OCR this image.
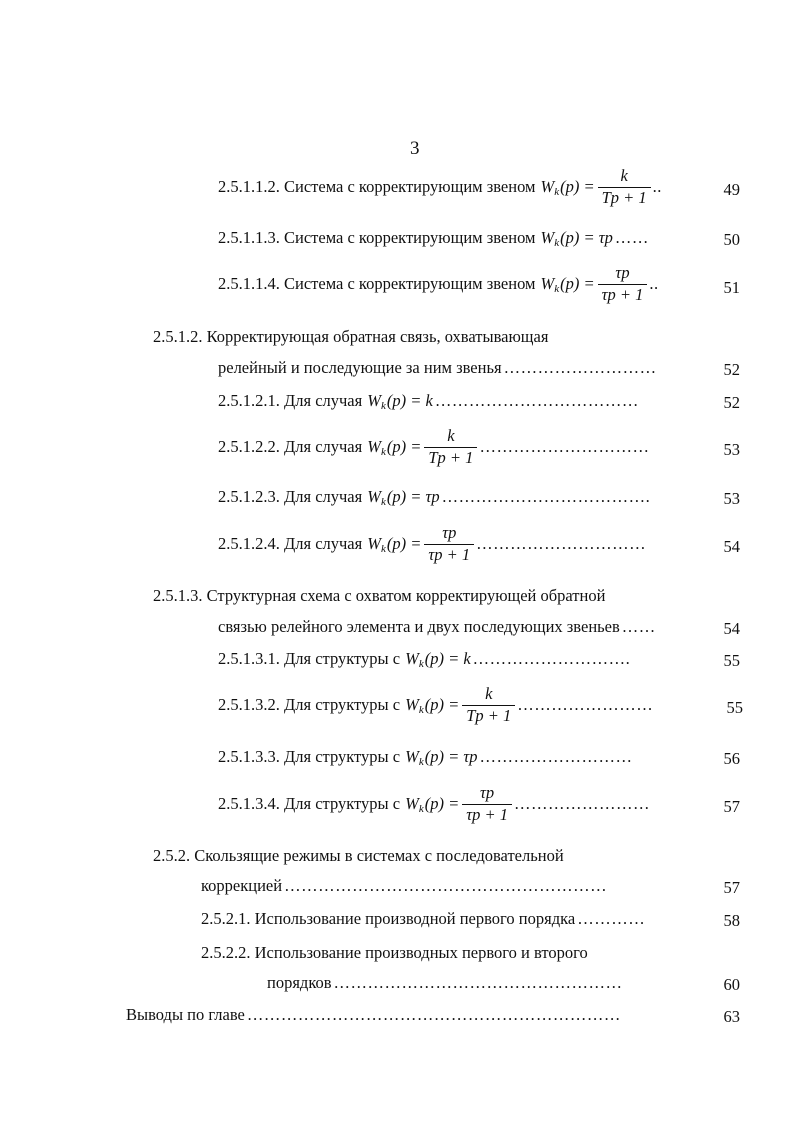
3
2.5.1.1.2. Система с корректирующим звеном W k $(p) = \frac{k}{Tp + 1}$ ..	49
2.5.1.1.3. Система с корректирующим звеном W k (p) = τp ……	50
2.5.1.1.4. Система с корректирующим звеном W k $(p) = \frac{\tau p}{\tau p + 1}$ ..	51
2.5.1.2. Корректирующая обратная связь, охватывающая
релейный и последующие за ним звенья ………………………	52
2.5.1.2.1. Для случая W k (p) = k ………………………………	52
2.5.1.2.2. Для случая W k $(p) = \frac{k}{Tp + 1}$ …………………………	53
2.5.1.2.3. Для случая W k (p) = τp ……………………………….	53
2.5.1.2.4. Для случая W k $(p) = \frac{\tau p}{\tau p + 1}$ …………………………	54
2.5.1.3. Структурная схема с охватом корректирующей обратной
связью релейного элемента и двух последующих звеньев ……	54
2.5.1.3.1. Для структуры с W k (p) = k ……………………….	55
2.5.1.3.2. Для структуры с W k $(p) = \frac{k}{Tp + 1}$ ……………………	55
2.5.1.3.3. Для структуры с W k (p) = τp ………………………	56
2.5.1.3.4. Для структуры с W k $(p) = \frac{\tau p}{\tau p + 1}$ ……………………	57
2.5.2. Скользящие режимы в системах с последовательной
коррекцией …………………………………………………	57
2.5.2.1. Использование производной первого порядка …………	58
2.5.2.2. Использование производных первого и второго
порядков ……………………………………………	60
Выводы по главе …………………………………………………………	63
